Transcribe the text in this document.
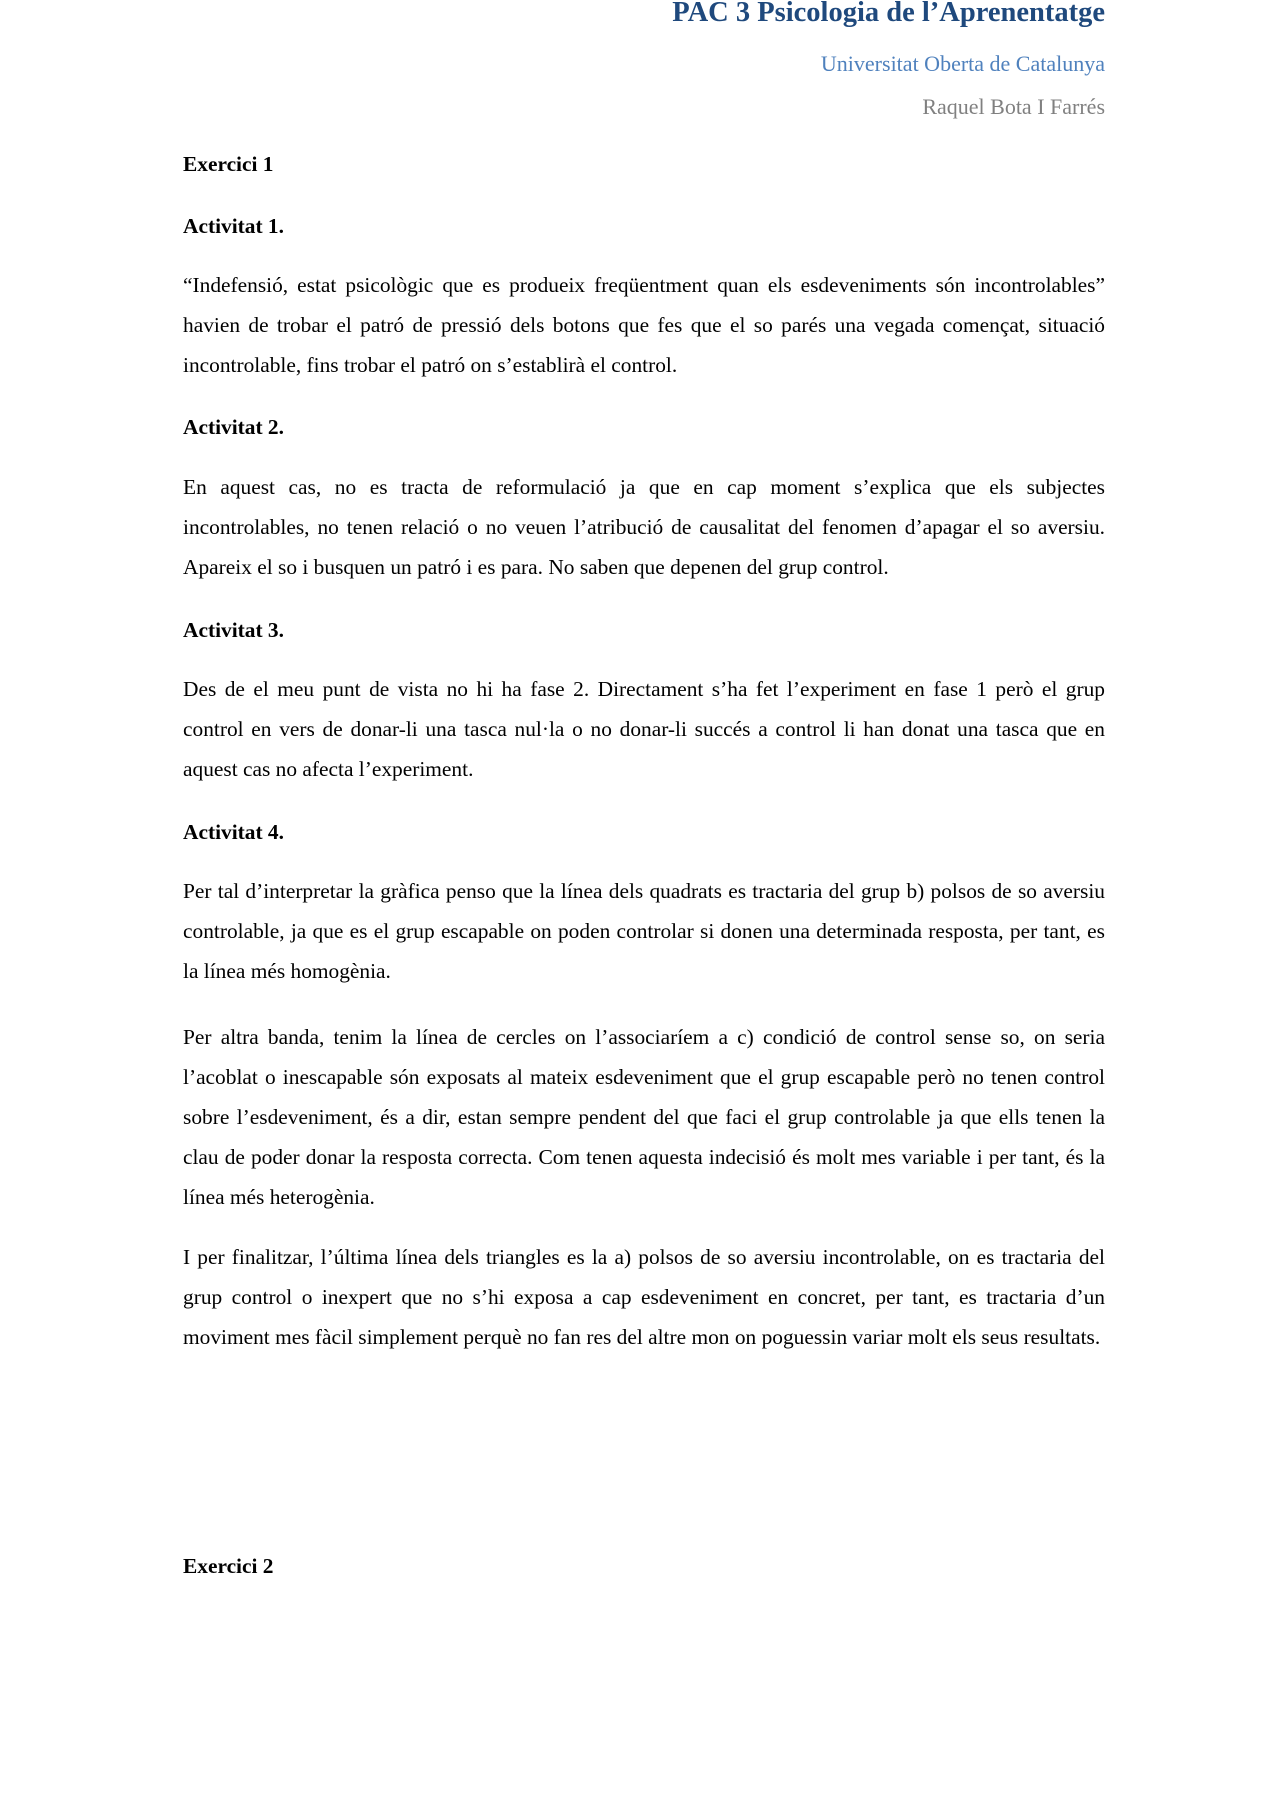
PAC 3 Psicologia de l’Aprenentatge

Universitat Oberta de Catalunya

Raquel Bota I Farrés

Exercici 1

Activitat 1.

“Indefensió, estat psicològic que es produeix freqüentment quan els esdeveniments són incontrolables” havien de trobar el patró de pressió dels botons que fes que el so parés una vegada començat, situació incontrolable, fins trobar el patró on s’establirà el control.

Activitat 2.

En aquest cas, no es tracta de reformulació ja que en cap moment s’explica que els subjectes incontrolables, no tenen relació o no veuen l’atribució de causalitat del fenomen d’apagar el so aversiu. Apareix el so i busquen un patró i es para. No saben que depenen del grup control.

Activitat 3.

Des de el meu punt de vista no hi ha fase 2. Directament s’ha fet l’experiment en fase 1 però el grup control en vers de donar-li una tasca nul·la o no donar-li succés a control li han donat una tasca que en aquest cas no afecta l’experiment.

Activitat 4.

Per tal d’interpretar la gràfica penso que la línea dels quadrats es tractaria del grup b) polsos de so aversiu controlable, ja que es el grup escapable on poden controlar si donen una determinada resposta, per tant, es la línea més homogènia.

Per altra banda, tenim la línea de cercles on l’associaríem a c) condició de control sense so, on seria l’acoblat o inescapable són exposats al mateix esdeveniment que el grup escapable però no tenen control sobre l’esdeveniment, és a dir, estan sempre pendent del que faci el grup controlable ja que ells tenen la clau de poder donar la resposta correcta. Com tenen aquesta indecisió és molt mes variable i per tant, és la línea més heterogènia.

I per finalitzar, l’última línea dels triangles es la a) polsos de so aversiu incontrolable, on es tractaria del grup control o inexpert que no s’hi exposa a cap esdeveniment en concret, per tant, es tractaria d’un moviment mes fàcil simplement perquè no fan res del altre mon on poguessin variar molt els seus resultats.

Exercici 2
